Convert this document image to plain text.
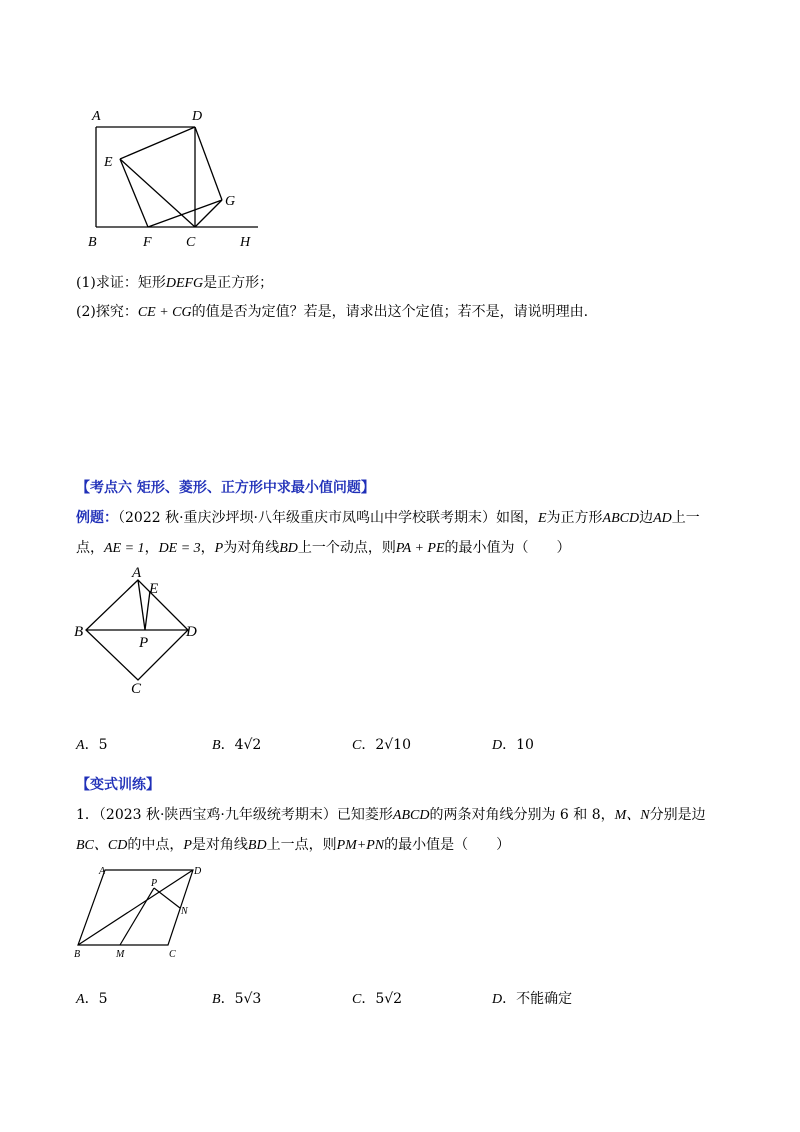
A	D
E
G
B	F C	H
(1)求证：矩形DEFG是正方形；
(2)探究：CE + CG的值是否为定值？若是，请求出这个定值；若不是，请说明理由.
【考点六 矩形、菱形、正方形中求最小值问题】
例题：（2022 秋·重庆沙坪坝·八年级重庆市凤鸣山中学校联考期末）如图，E为正方形ABCD边AD上一
点，AE = 1，DE = 3，P为对角线BD上一个动点，则PA + PE的最小值为（　　）
A
E
B
P
D
C
A．5	B．4√2	C．2√10	D．10
【变式训练】
1．（2023 秋·陕西宝鸡·九年级统考期末）已知菱形ABCD的两条对角线分别为 6 和 8，M、N分别是边
BC、CD的中点，P是对角线BD上一点，则PM+PN的最小值是（　　）
A	D
P
N
B	M	C
A．5	B．5√3	C．5√2	D．不能确定
